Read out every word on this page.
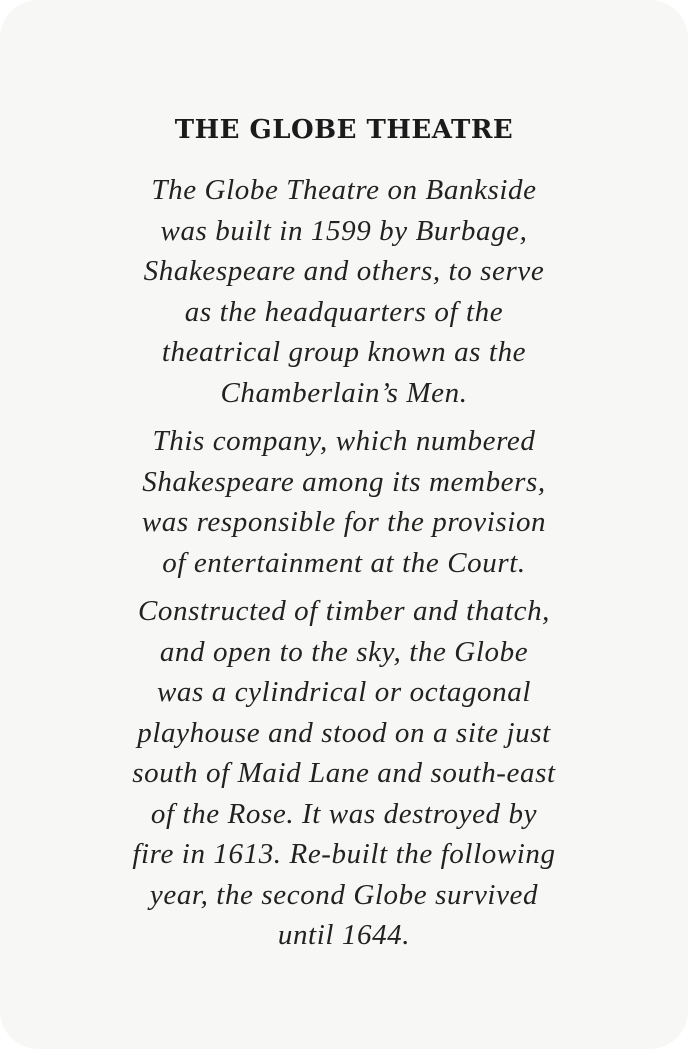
THE GLOBE THEATRE

The Globe Theatre on Bankside
was built in 1599 by Burbage,
Shakespeare and others, to serve
as the headquarters of the
theatrical group known as the
Chamberlain’s Men.

This company, which numbered
Shakespeare among its members,
was responsible for the provision
of entertainment at the Court.

Constructed of timber and thatch,
and open to the sky, the Globe
was a cylindrical or octagonal
playhouse and stood on a site just
south of Maid Lane and south-east
of the Rose. It was destroyed by
fire in 1613. Re-built the following
year, the second Globe survived
until 1644.
